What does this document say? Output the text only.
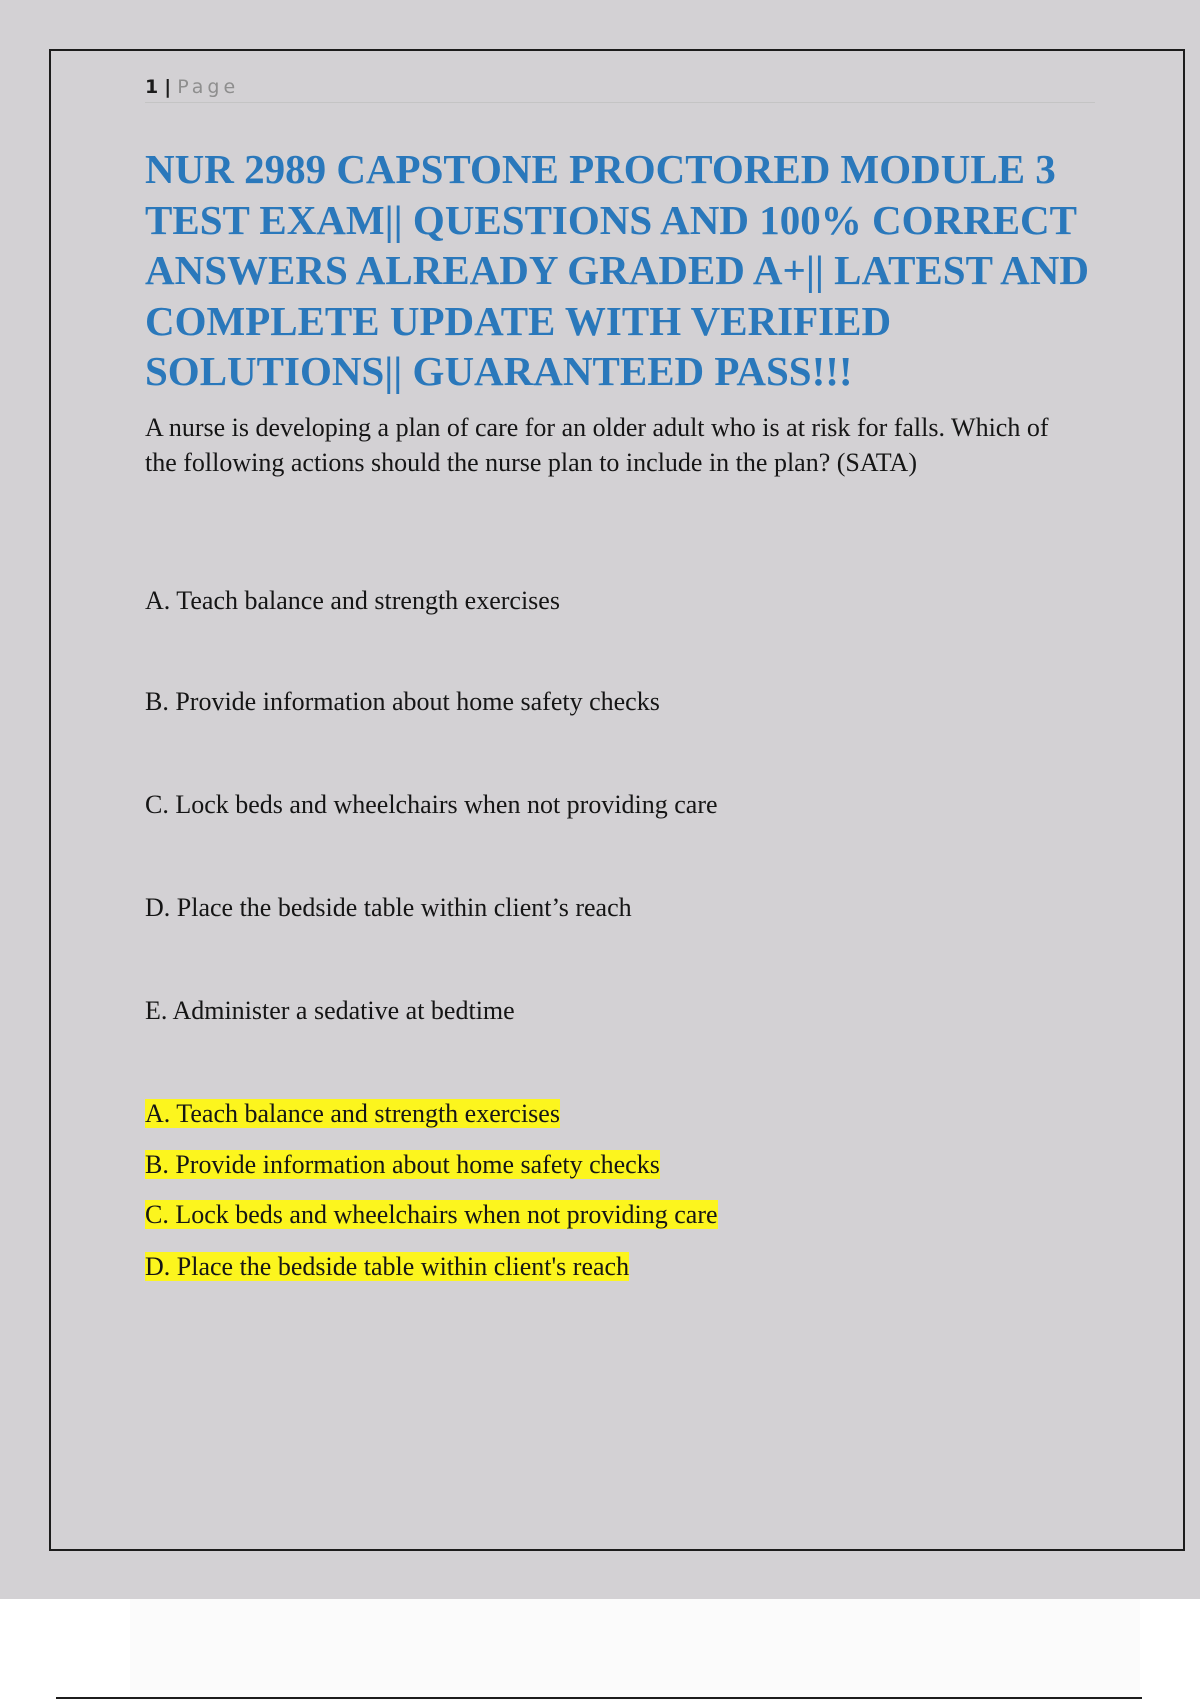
1 | Page
NUR 2989 CAPSTONE PROCTORED MODULE 3 TEST EXAM|| QUESTIONS AND 100% CORRECT ANSWERS ALREADY GRADED A+|| LATEST AND COMPLETE UPDATE WITH VERIFIED SOLUTIONS|| GUARANTEED PASS!!!

A nurse is developing a plan of care for an older adult who is at risk for falls. Which of the following actions should the nurse plan to include in the plan? (SATA)

A. Teach balance and strength exercises

B. Provide information about home safety checks

C. Lock beds and wheelchairs when not providing care

D. Place the bedside table within client’s reach

E. Administer a sedative at bedtime

A. Teach balance and strength exercises

B. Provide information about home safety checks

C. Lock beds and wheelchairs when not providing care

D. Place the bedside table within client's reach
